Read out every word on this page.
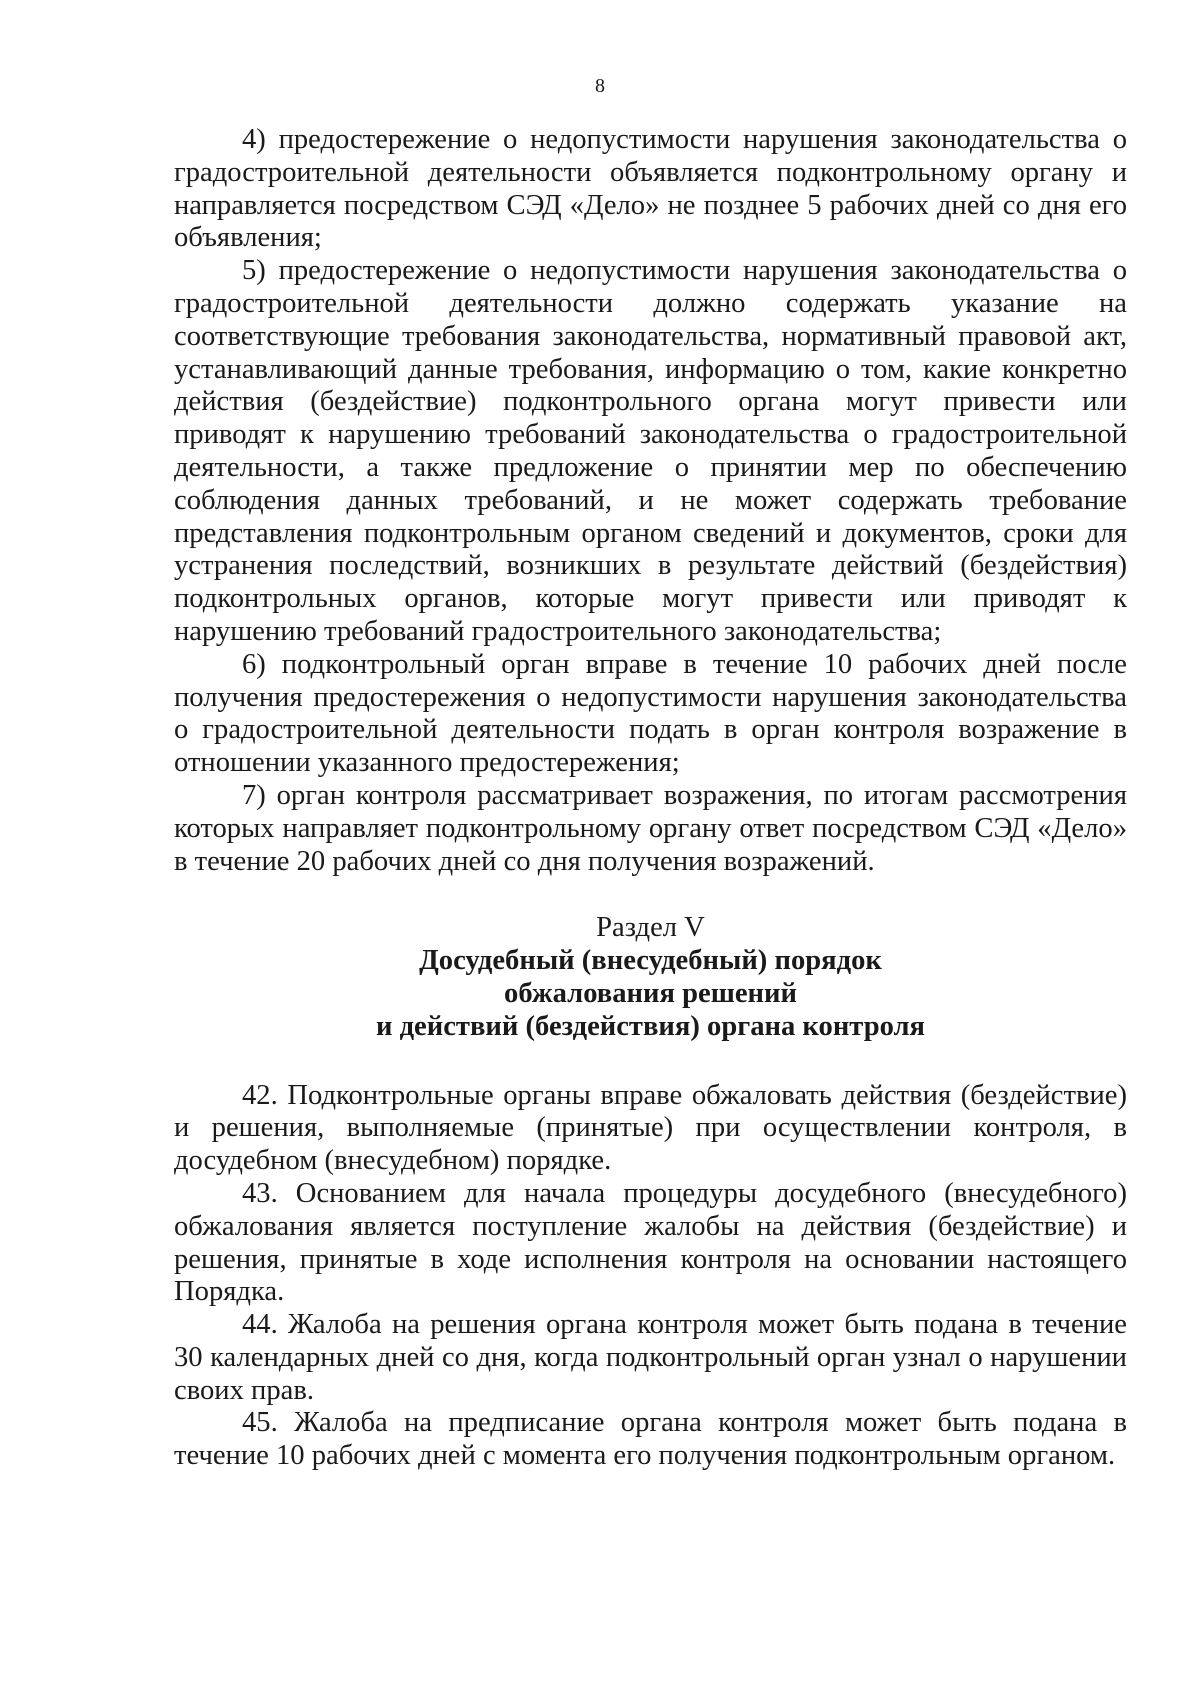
8

4) предостережение о недопустимости нарушения законодательства о градостроительной деятельности объявляется подконтрольному органу и направляется посредством СЭД «Дело» не позднее 5 рабочих дней со дня его объявления;

5) предостережение о недопустимости нарушения законодательства о градостроительной деятельности должно содержать указание на соответствующие требования законодательства, нормативный правовой акт, устанавливающий данные требования, информацию о том, какие конкретно действия (бездействие) подконтрольного органа могут привести или приводят к нарушению требований законодательства о градостроительной деятельности, а также предложение о принятии мер по обеспечению соблюдения данных требований, и не может содержать требование представления подконтрольным органом сведений и документов, сроки для устранения последствий, возникших в результате действий (бездействия) подконтрольных органов, которые могут привести или приводят к нарушению требований градостроительного законодательства;

6) подконтрольный орган вправе в течение 10 рабочих дней после получения предостережения о недопустимости нарушения законодательства о градостроительной деятельности подать в орган контроля возражение в отношении указанного предостережения;

7) орган контроля рассматривает возражения, по итогам рассмотрения которых направляет подконтрольному органу ответ посредством СЭД «Дело» в течение 20 рабочих дней со дня получения возражений.

Раздел V
Досудебный (внесудебный) порядок
обжалования решений
и действий (бездействия) органа контроля

42. Подконтрольные органы вправе обжаловать действия (бездействие) и решения, выполняемые (принятые) при осуществлении контроля, в досудебном (внесудебном) порядке.

43. Основанием для начала процедуры досудебного (внесудебного) обжалования является поступление жалобы на действия (бездействие) и решения, принятые в ходе исполнения контроля на основании настоящего Порядка.

44. Жалоба на решения органа контроля может быть подана в течение 30 календарных дней со дня, когда подконтрольный орган узнал о нарушении своих прав.

45. Жалоба на предписание органа контроля может быть подана в течение 10 рабочих дней с момента его получения подконтрольным органом.
